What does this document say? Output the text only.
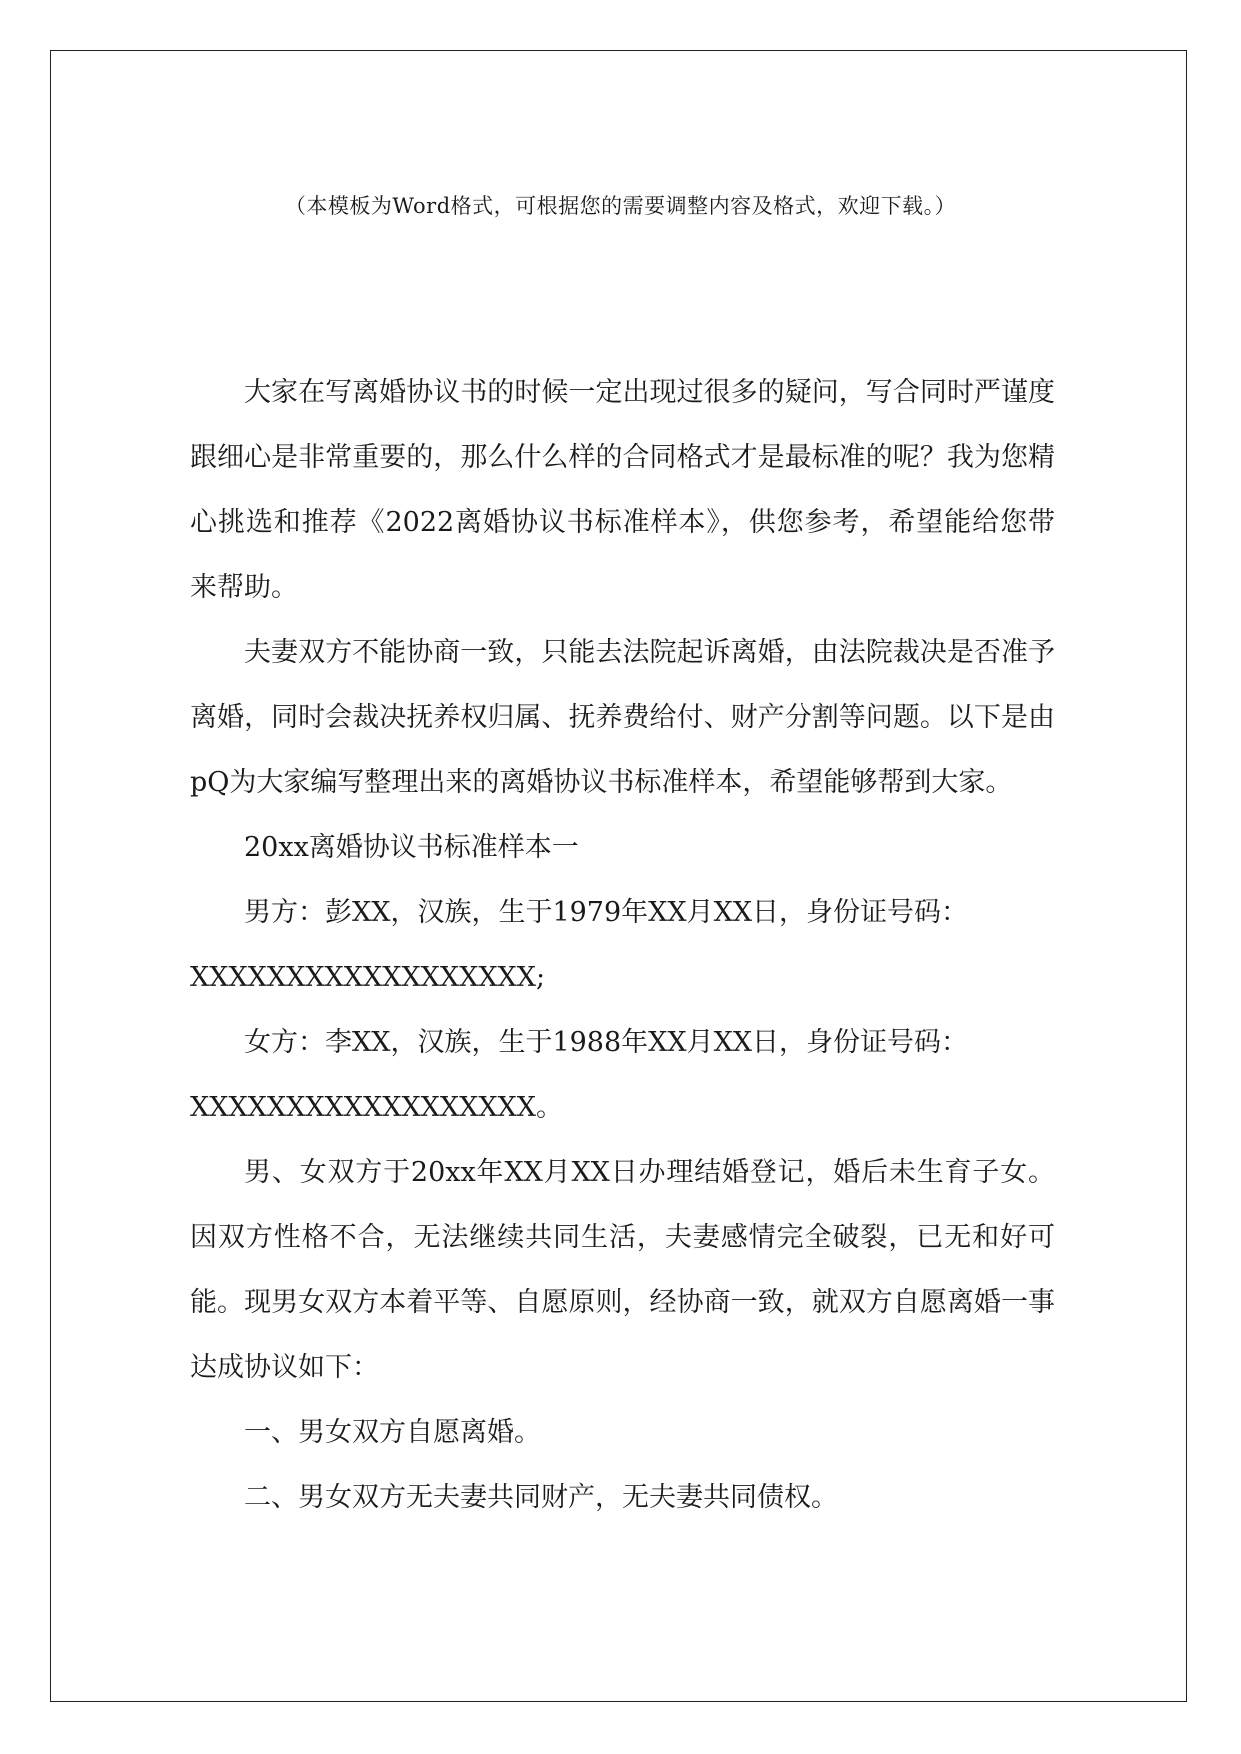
（本模板为Word格式，可根据您的需要调整内容及格式，欢迎下载。）

大家在写离婚协议书的时候一定出现过很多的疑问，写合同时严谨度跟细心是非常重要的，那么什么样的合同格式才是最标准的呢？我为您精心挑选和推荐《2022离婚协议书标准样本》，供您参考，希望能给您带来帮助。

夫妻双方不能协商一致，只能去法院起诉离婚，由法院裁决是否准予离婚，同时会裁决抚养权归属、抚养费给付、财产分割等问题。以下是由pQ为大家编写整理出来的离婚协议书标准样本，希望能够帮到大家。

20xx离婚协议书标准样本一

男方：彭XX，汉族，生于1979年XX月XX日，身份证号码：

XXXXXXXXXXXXXXXXXX;

女方：李XX，汉族，生于1988年XX月XX日，身份证号码：

XXXXXXXXXXXXXXXXXX。

男、女双方于20xx年XX月XX日办理结婚登记，婚后未生育子女。因双方性格不合，无法继续共同生活，夫妻感情完全破裂，已无和好可能。现男女双方本着平等、自愿原则，经协商一致，就双方自愿离婚一事达成协议如下：

一、男女双方自愿离婚。

二、男女双方无夫妻共同财产，无夫妻共同债权。
